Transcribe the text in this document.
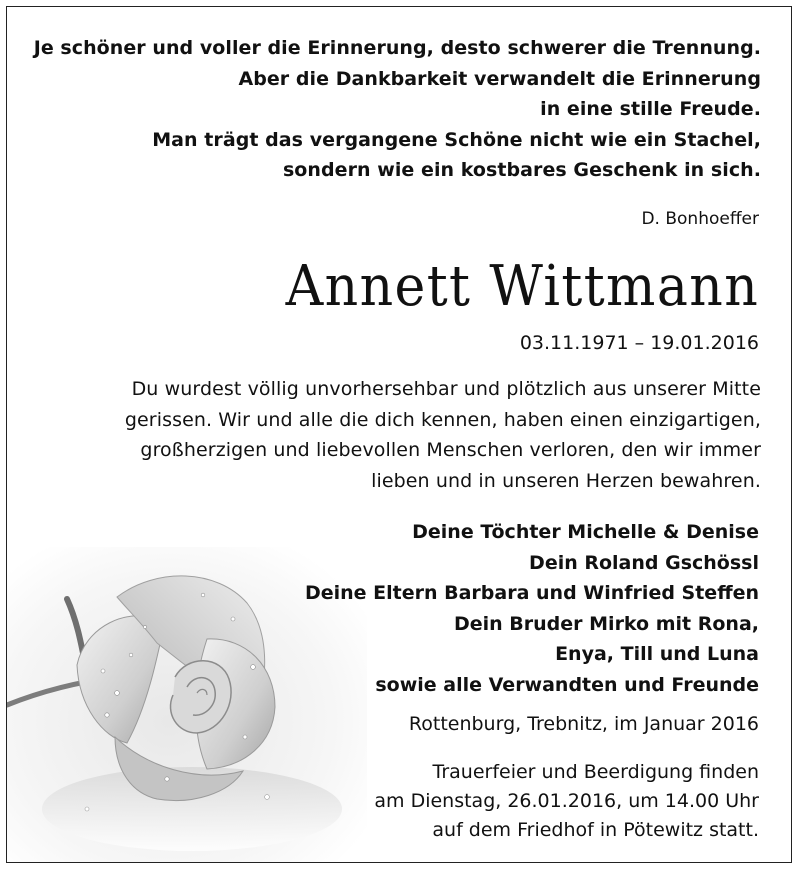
Je schöner und voller die Erinnerung, desto schwerer die Trennung.
Aber die Dankbarkeit verwandelt die Erinnerung
in eine stille Freude.
Man trägt das vergangene Schöne nicht wie ein Stachel,
sondern wie ein kostbares Geschenk in sich.
D. Bonhoeffer
Annett Wittmann
03.11.1971 – 19.01.2016
Du wurdest völlig unvorhersehbar und plötzlich aus unserer Mitte
gerissen. Wir und alle die dich kennen, haben einen einzigartigen,
großherzigen und liebevollen Menschen verloren, den wir immer
lieben und in unseren Herzen bewahren.
Deine Töchter Michelle & Denise
Dein Roland Gschössl
Deine Eltern Barbara und Winfried Steffen
Dein Bruder Mirko mit Rona,
Enya, Till und Luna
sowie alle Verwandten und Freunde
Rottenburg, Trebnitz, im Januar 2016
Trauerfeier und Beerdigung finden
am Dienstag, 26.01.2016, um 14.00 Uhr
auf dem Friedhof in Pötewitz statt.
